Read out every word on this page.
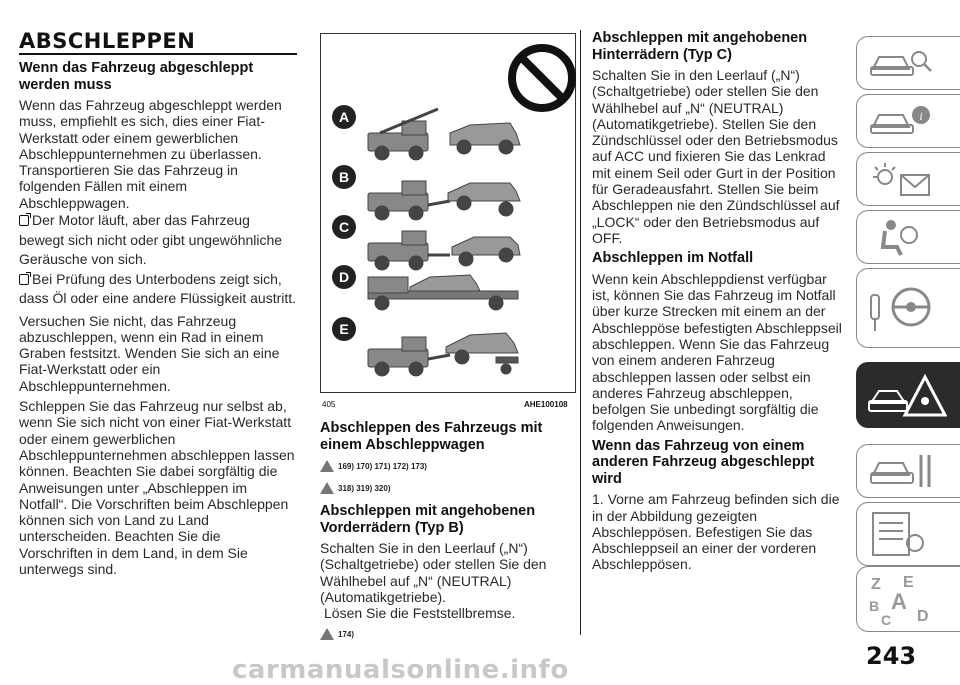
ABSCHLEPPEN
Wenn das Fahrzeug abgeschleppt werden muss

Wenn das Fahrzeug abgeschleppt werden muss, empfiehlt es sich, dies einer Fiat-Werkstatt oder einem gewerblichen Abschleppunternehmen zu überlassen. Transportieren Sie das Fahrzeug in folgenden Fällen mit einem Abschleppwagen.

Der Motor läuft, aber das Fahrzeug bewegt sich nicht oder gibt ungewöhnliche Geräusche von sich.

Bei Prüfung des Unterbodens zeigt sich, dass Öl oder eine andere Flüssigkeit austritt.

Versuchen Sie nicht, das Fahrzeug abzuschleppen, wenn ein Rad in einem Graben festsitzt. Wenden Sie sich an eine Fiat-Werkstatt oder ein Abschleppunternehmen.

Schleppen Sie das Fahrzeug nur selbst ab, wenn Sie sich nicht von einer Fiat-Werkstatt oder einem gewerblichen Abschleppunternehmen abschleppen lassen können. Beachten Sie dabei sorgfältig die Anweisungen unter „Abschleppen im Notfall“. Die Vorschriften beim Abschleppen können sich von Land zu Land unterscheiden. Beachten Sie die Vorschriften in dem Land, in dem Sie unterwegs sind.

A
B
C
D
E
405	AHE100108
Abschleppen des Fahrzeugs mit einem Abschleppwagen
169) 170) 171) 172) 173)
318) 319) 320)
Abschleppen mit angehobenen Vorderrädern (Typ B)

Schalten Sie in den Leerlauf („N“) (Schaltgetriebe) oder stellen Sie den Wählhebel auf „N“ (NEUTRAL) (Automatikgetriebe).

Lösen Sie die Feststellbremse.

174)
Abschleppen mit angehobenen Hinterrädern (Typ C)

Schalten Sie in den Leerlauf („N“) (Schaltgetriebe) oder stellen Sie den Wählhebel auf „N“ (NEUTRAL) (Automatikgetriebe). Stellen Sie den Zündschlüssel oder den Betriebsmodus auf ACC und fixieren Sie das Lenkrad mit einem Seil oder Gurt in der Position für Geradeausfahrt. Stellen Sie beim Abschleppen nie den Zündschlüssel auf „LOCK“ oder den Betriebsmodus auf OFF.

Abschleppen im Notfall

Wenn kein Abschleppdienst verfügbar ist, können Sie das Fahrzeug im Notfall über kurze Strecken mit einem an der Abschleppöse befestigten Abschleppseil abschleppen. Wenn Sie das Fahrzeug von einem anderen Fahrzeug abschleppen lassen oder selbst ein anderes Fahrzeug abschleppen, befolgen Sie unbedingt sorgfältig die folgenden Anweisungen.

Wenn das Fahrzeug von einem anderen Fahrzeug abgeschleppt wird

1. Vorne am Fahrzeug befinden sich die in der Abbildung gezeigten Abschleppösen. Befestigen Sie das Abschleppseil an einer der vorderen Abschleppösen.

i
Z E
B A
C D
243
carmanualsonline.info
